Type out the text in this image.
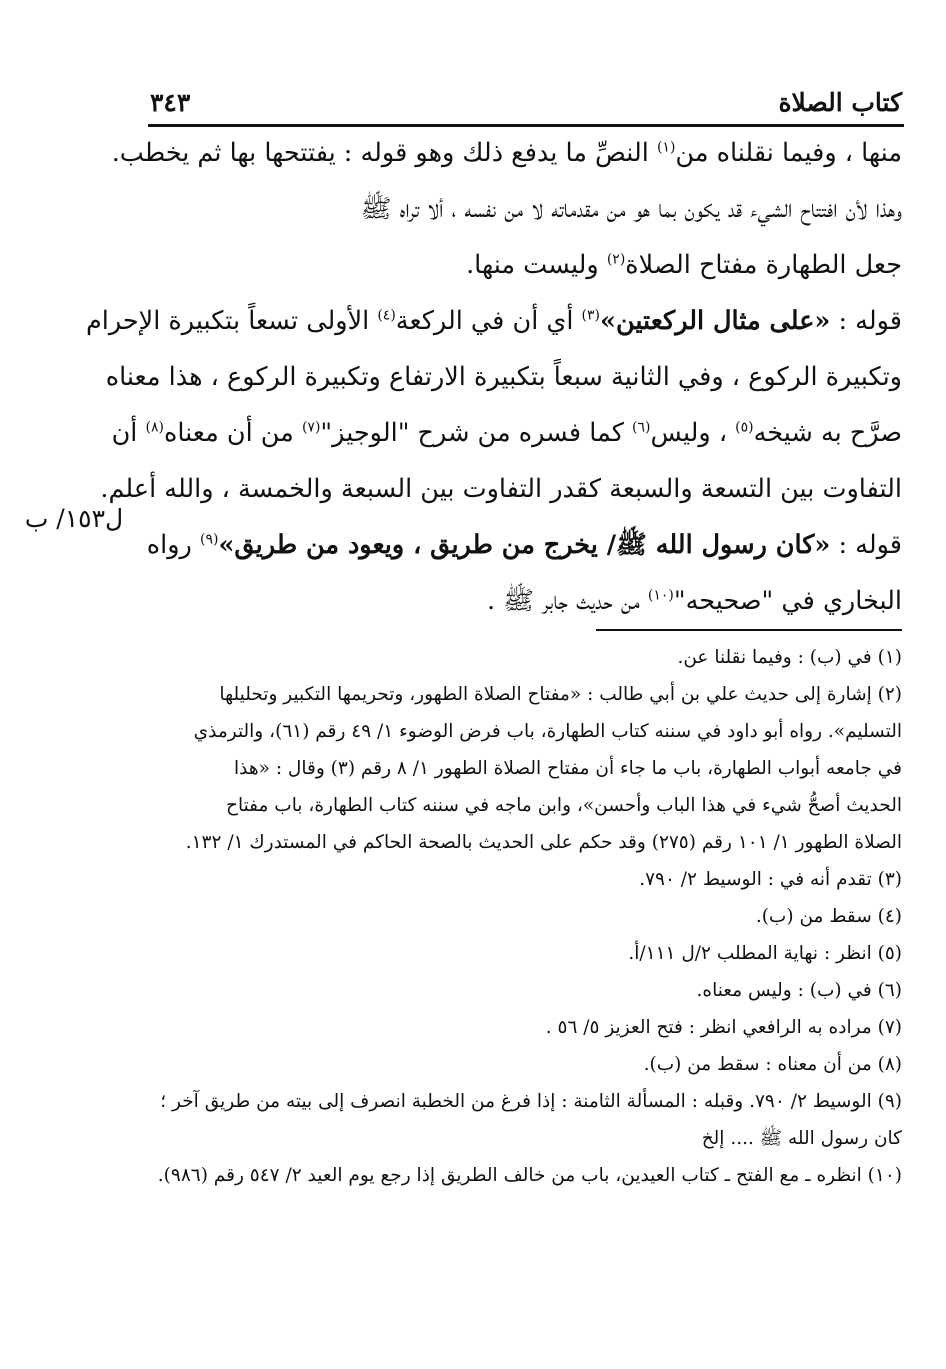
كتاب الصلاة
٣٤٣
ل١٥٣/ ب
منها ، وفيما نقلناه من$^{(١)}$ النصِّ ما يدفع ذلك وهو قوله : يفتتحها بها ثم يخطب.
وهذا لأن افتتاح الشيء قد يكون بما هو من مقدماته لا من نفسه ، ألا تراه ﷺ
جعل الطهارة مفتاح الصلاة$^{(٢)}$ وليست منها.
قوله : «على مثال الركعتين»$^{(٣)}$ أي أن في الركعة$^{(٤)}$ الأولى تسعاً بتكبيرة الإحرام
وتكبيرة الركوع ، وفي الثانية سبعاً بتكبيرة الارتفاع وتكبيرة الركوع ، هذا معناه
صرَّح به شيخه$^{(٥)}$ ، وليس$^{(٦)}$ كما فسره من شرح "الوجيز"$^{(٧)}$ من أن معناه$^{(٨)}$ أن
التفاوت بين التسعة والسبعة كقدر التفاوت بين السبعة والخمسة ، والله أعلم.
قوله : «كان رسول الله ﷺ/ يخرج من طريق ، ويعود من طريق»$^{(٩)}$ رواه
البخاري في "صحيحه"$^{(١٠)}$ من حديث جابر ﷺ .
(١) في (ب) : وفيما نقلنا عن.
(٢) إشارة إلى حديث علي بن أبي طالب : «مفتاح الصلاة الطهور، وتحريمها التكبير وتحليلها
التسليم». رواه أبو داود في سننه كتاب الطهارة، باب فرض الوضوء ١/ ٤٩ رقم (٦١)، والترمذي
في جامعه أبواب الطهارة، باب ما جاء أن مفتاح الصلاة الطهور ١/ ٨ رقم (٣) وقال : «هذا
الحديث أصحُّ شيء في هذا الباب وأحسن»، وابن ماجه في سننه كتاب الطهارة، باب مفتاح
الصلاة الطهور ١/ ١٠١ رقم (٢٧٥) وقد حكم على الحديث بالصحة الحاكم في المستدرك ١/ ١٣٢.
(٣) تقدم أنه في : الوسيط ٢/ ٧٩٠.
(٤) سقط من (ب).
(٥) انظر : نهاية المطلب ٢/ل ١١١/أ.
(٦) في (ب) : وليس معناه.
(٧) مراده به الرافعي انظر : فتح العزيز ٥/ ٥٦ .
(٨) من أن معناه : سقط من (ب).
(٩) الوسيط ٢/ ٧٩٠. وقبله : المسألة الثامنة : إذا فرغ من الخطبة انصرف إلى بيته من طريق آخر ؛
كان رسول الله ﷺ .... إلخ
(١٠) انظره ـ مع الفتح ـ كتاب العيدين، باب من خالف الطريق إذا رجع يوم العيد ٢/ ٥٤٧ رقم (٩٨٦).
